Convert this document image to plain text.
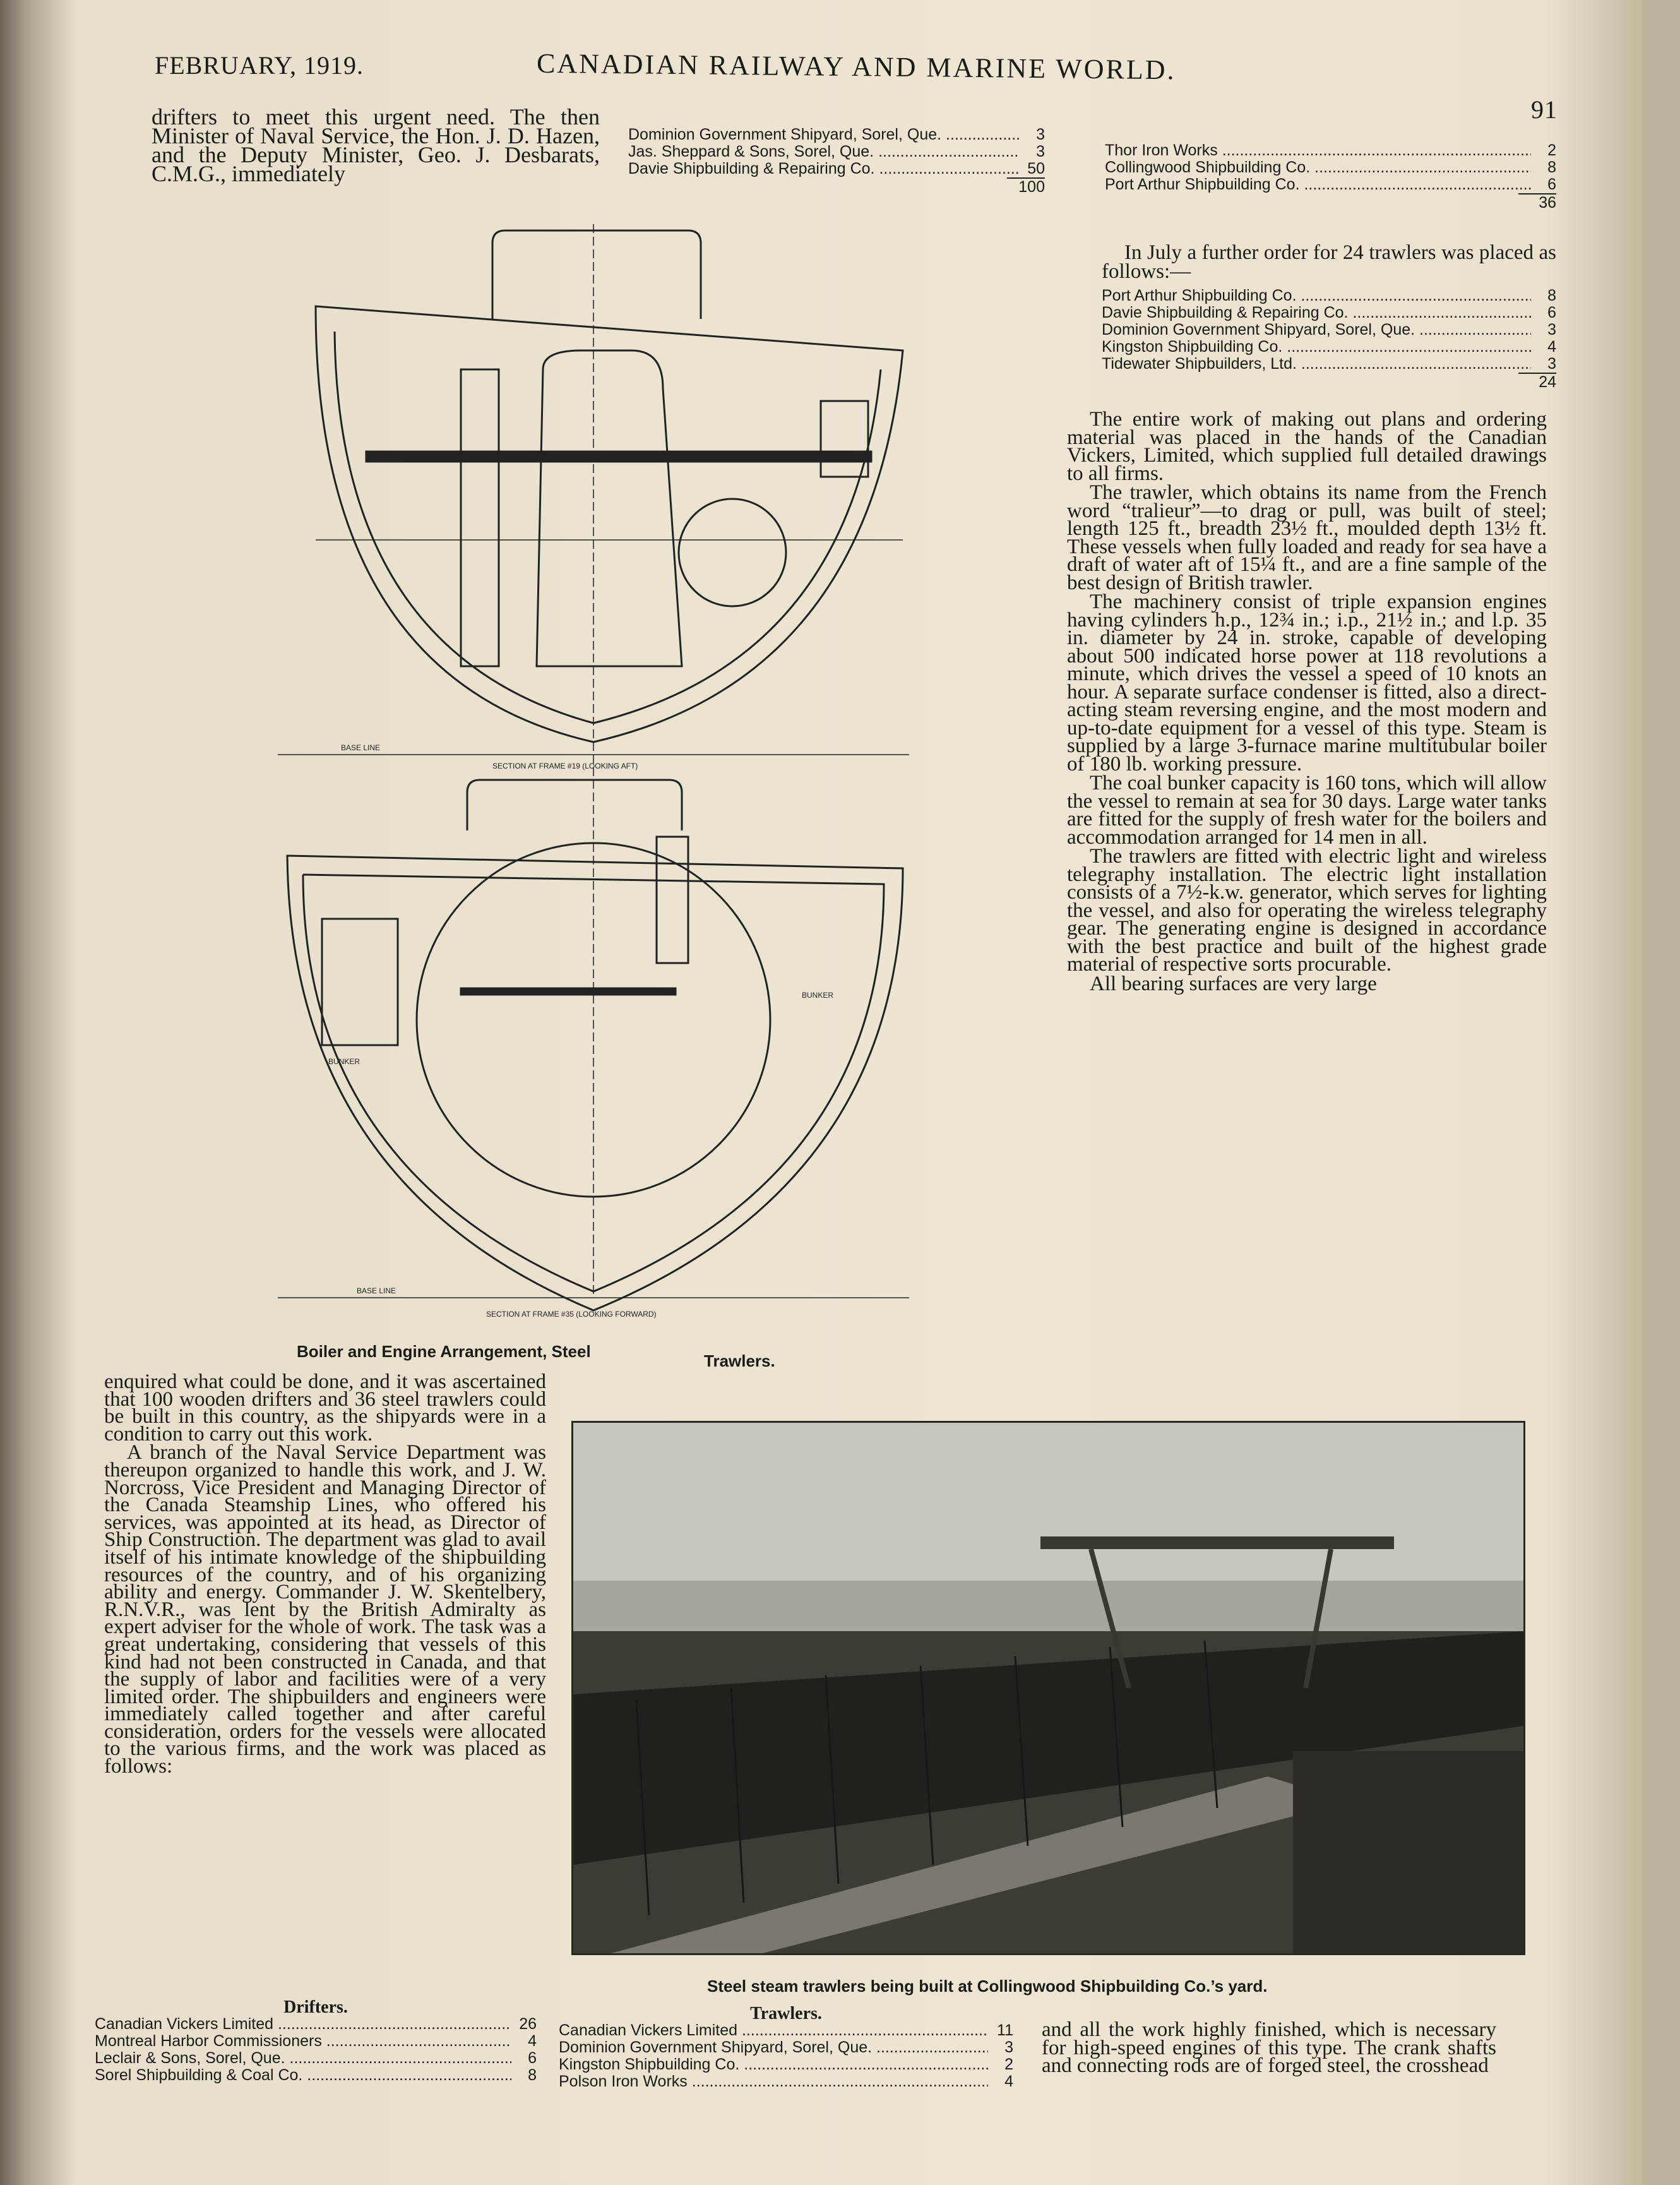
FEBRUARY, 1919.	CANADIAN RAILWAY AND MARINE WORLD.
91

drifters to meet this urgent need. The then Minister of Naval Service, the Hon. J. D. Hazen, and the Deputy Minister, Geo. J. Desbarats, C.M.G., immediately

Dominion Government Shipyard, Sorel, Que. .....	3
Jas. Sheppard & Sons, Sorel, Que. .....	3
Davie Shipbuilding & Repairing Co. .....	50
100
Thor Iron Works .....	2
Collingwood Shipbuilding Co. .....	8
Port Arthur Shipbuilding Co. .....	6
36

In July a further order for 24 trawlers was placed as follows:—

Port Arthur Shipbuilding Co. .....	8
Davie Shipbuilding & Repairing Co. .....	6
Dominion Government Shipyard, Sorel, Que. .....	3
Kingston Shipbuilding Co. .....	4
Tidewater Shipbuilders, Ltd. .....	3
24

The entire work of making out plans and ordering material was placed in the hands of the Canadian Vickers, Limited, which supplied full detailed drawings to all firms.

The trawler, which obtains its name from the French word “tralieur”—to drag or pull, was built of steel; length 125 ft., breadth 23½ ft., moulded depth 13½ ft. These vessels when fully loaded and ready for sea have a draft of water aft of 15¼ ft., and are a fine sample of the best design of British trawler.

The machinery consist of triple expansion engines having cylinders h.p., 12¾ in.; i.p., 21½ in.; and l.p. 35 in. diameter by 24 in. stroke, capable of developing about 500 indicated horse power at 118 revolutions a minute, which drives the vessel a speed of 10 knots an hour. A separate surface condenser is fitted, also a direct-acting steam reversing engine, and the most modern and up-to-date equipment for a vessel of this type. Steam is supplied by a large 3-furnace marine multitubular boiler of 180 lb. working pressure.

The coal bunker capacity is 160 tons, which will allow the vessel to remain at sea for 30 days. Large water tanks are fitted for the supply of fresh water for the boilers and accommodation arranged for 14 men in all.

The trawlers are fitted with electric light and wireless telegraphy installation. The electric light installation consists of a 7½-k.w. generator, which serves for lighting the vessel, and also for operating the wireless telegraphy gear. The generating engine is designed in accordance with the best practice and built of the highest grade material of respective sorts procurable.

All bearing surfaces are very large

BASE LINE
SECTION AT FRAME #19 (LOOKING AFT)
BASE LINE
SECTION AT FRAME #35 (LOOKING FORWARD)
BUNKER
BUNKER
CASING
Boiler and Engine Arrangement, Steel	Trawlers.

enquired what could be done, and it was ascertained that 100 wooden drifters and 36 steel trawlers could be built in this country, as the shipyards were in a condition to carry out this work.

A branch of the Naval Service Department was thereupon organized to handle this work, and J. W. Norcross, Vice President and Managing Director of the Canada Steamship Lines, who offered his services, was appointed at its head, as Director of Ship Construction. The department was glad to avail itself of his intimate knowledge of the shipbuilding resources of the country, and of his organizing ability and energy. Commander J. W. Skentelbery, R.N.V.R., was lent by the British Admiralty as expert adviser for the whole of work. The task was a great undertaking, considering that vessels of this kind had not been constructed in Canada, and that the supply of labor and facilities were of a very limited order. The shipbuilders and engineers were immediately called together and after careful consideration, orders for the vessels were allocated to the various firms, and the work was placed as follows:

Drifters.
Canadian Vickers Limited .....	26
Montreal Harbor Commissioners .....	4
Leclair & Sons, Sorel, Que. .....	6
Sorel Shipbuilding & Coal Co. .....	8
Steel steam trawlers being built at Collingwood Shipbuilding Co.’s yard.
Trawlers.
Canadian Vickers Limited .....	11
Dominion Government Shipyard, Sorel, Que. .....	3
Kingston Shipbuilding Co. .....	2
Polson Iron Works .....	4

and all the work highly finished, which is necessary for high-speed engines of this type. The crank shafts and connecting rods are of forged steel, the crosshead
